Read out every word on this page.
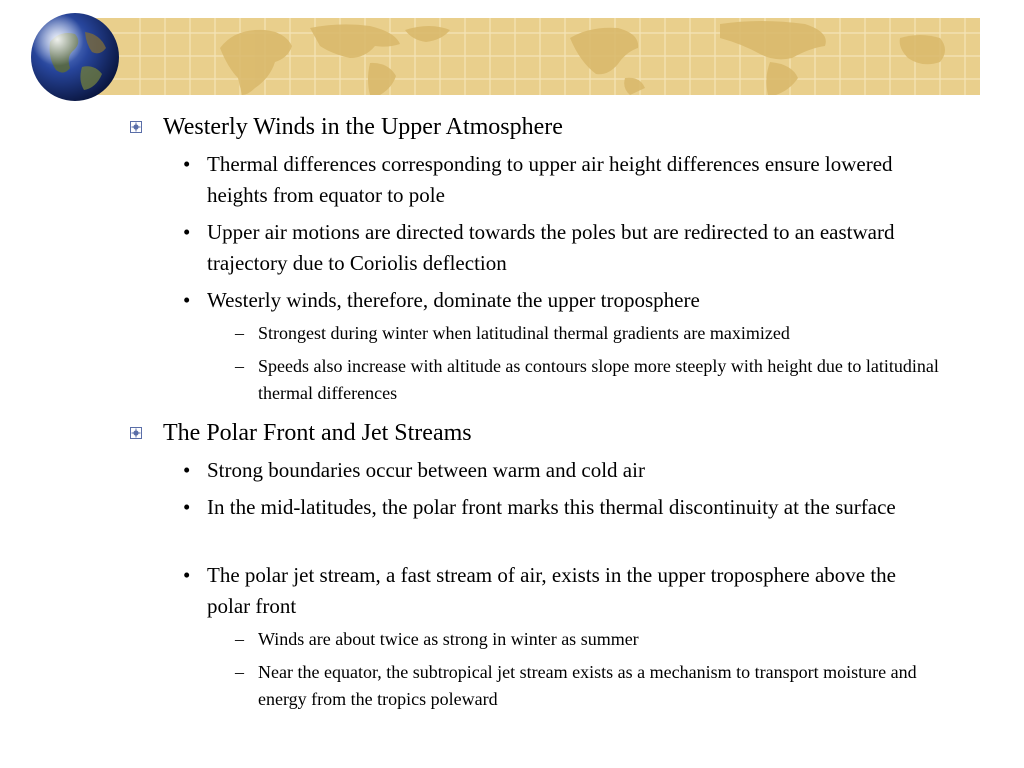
Westerly Winds in the Upper Atmosphere
• Thermal differences corresponding to upper air height differences ensure lowered heights from equator to pole
• Upper air motions are directed towards the poles but are redirected to an eastward trajectory due to Coriolis deflection
• Westerly winds, therefore, dominate the upper troposphere
– Strongest during winter when latitudinal thermal gradients are maximized
– Speeds also increase with altitude as contours slope more steeply with height due to latitudinal thermal differences
The Polar Front and Jet Streams
• Strong boundaries occur between warm and cold air
• In the mid-latitudes, the polar front marks this thermal discontinuity at the surface
• The polar jet stream, a fast stream of air, exists in the upper troposphere above the polar front
– Winds are about twice as strong in winter as summer
– Near the equator, the subtropical jet stream exists as a mechanism to transport moisture and energy from the tropics poleward
